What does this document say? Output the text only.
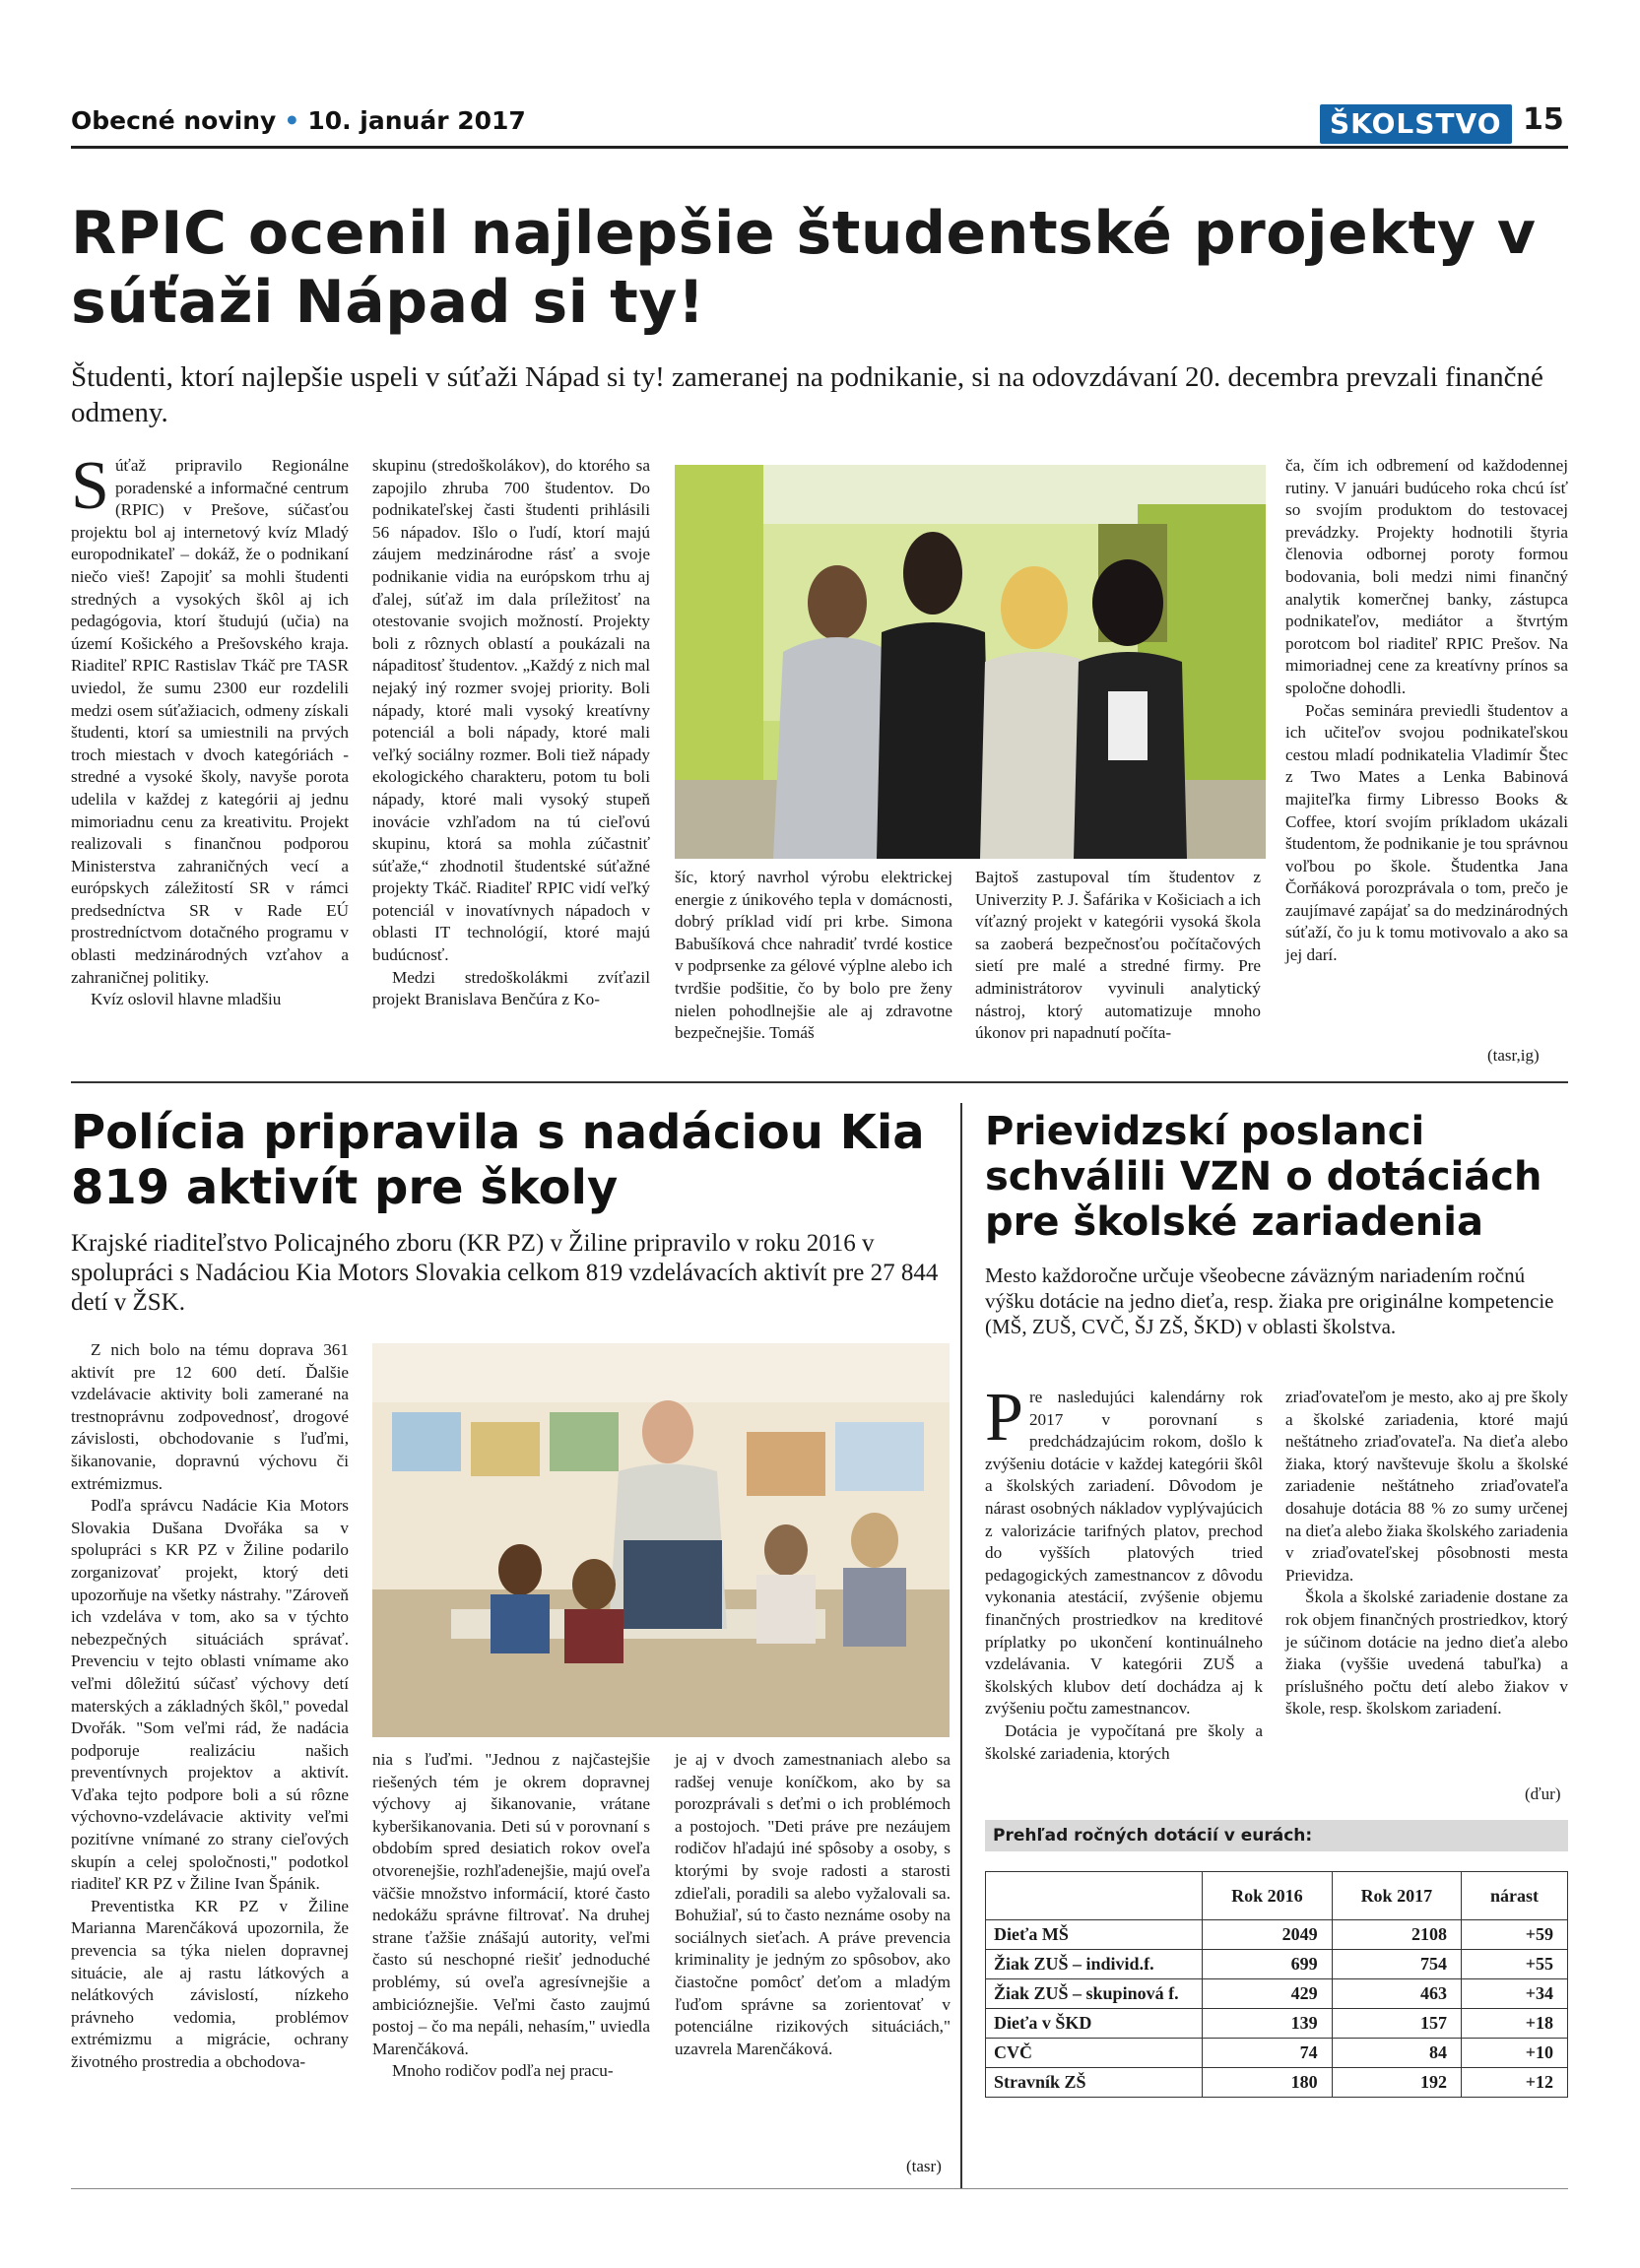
Obecné noviny • 10. január 2017	ŠKOLSTVO 15
RPIC ocenil najlepšie študentské projekty v súťaži Nápad si ty!
Študenti, ktorí najlepšie uspeli v súťaži Nápad si ty! zameranej na podnikanie, si na odovzdávaní 20. decembra prevzali finančné odmeny.

Súťaž pripravilo Regionálne poradenské a informačné centrum (RPIC) v Prešove, súčasťou projektu bol aj internetový kvíz Mladý europodnikateľ – dokáž, že o podnikaní niečo vieš! Zapojiť sa mohli študenti stredných a vysokých škôl aj ich pedagógovia, ktorí študujú (učia) na území Košického a Prešovského kraja. Riaditeľ RPIC Rastislav Tkáč pre TASR uviedol, že sumu 2300 eur rozdelili medzi osem súťažiacich, odmeny získali študenti, ktorí sa umiestnili na prvých troch miestach v dvoch kategóriách - stredné a vysoké školy, navyše porota udelila v každej z kategórii aj jednu mimoriadnu cenu za kreativitu. Projekt realizovali s finančnou podporou Ministerstva zahraničných vecí a európskych záležitostí SR v rámci predsedníctva SR v Rade EÚ prostredníctvom dotačného programu v oblasti medzinárodných vzťahov a zahraničnej politiky.

Kvíz oslovil hlavne mladšiu

skupinu (stredoškolákov), do ktorého sa zapojilo zhruba 700 študentov. Do podnikateľskej časti študenti prihlásili 56 nápadov. Išlo o ľudí, ktorí majú záujem medzinárodne rásť a svoje podnikanie vidia na európskom trhu aj ďalej, súťaž im dala príležitosť na otestovanie svojich možností. Projekty boli z rôznych oblastí a poukázali na nápaditosť študentov. „Každý z nich mal nejaký iný rozmer svojej priority. Boli nápady, ktoré mali vysoký kreatívny potenciál a boli nápady, ktoré mali veľký sociálny rozmer. Boli tiež nápady ekologického charakteru, potom tu boli nápady, ktoré mali vysoký stupeň inovácie vzhľadom na tú cieľovú skupinu, ktorá sa mohla zúčastniť súťaže,“ zhodnotil študentské súťažné projekty Tkáč. Riaditeľ RPIC vidí veľký potenciál v inovatívnych nápadoch v oblasti IT technológií, ktoré majú budúcnosť.

Medzi stredoškolákmi zvíťazil projekt Branislava Benčúra z Ko-

šíc, ktorý navrhol výrobu elektrickej energie z únikového tepla v domácnosti, dobrý príklad vidí pri krbe. Simona Babušíková chce nahradiť tvrdé kostice v podprsenke za gélové výplne alebo ich tvrdšie podšitie, čo by bolo pre ženy nielen pohodlnejšie ale aj zdravotne bezpečnejšie. Tomáš

Bajtoš zastupoval tím študentov z Univerzity P. J. Šafárika v Košiciach a ich víťazný projekt v kategórii vysoká škola sa zaoberá bezpečnosťou počítačových sietí pre malé a stredné firmy. Pre administrátorov vyvinuli analytický nástroj, ktorý automatizuje mnoho úkonov pri napadnutí počíta-

ča, čím ich odbremení od každodennej rutiny. V januári budúceho roka chcú ísť so svojím produktom do testovacej prevádzky. Projekty hodnotili štyria členovia odbornej poroty formou bodovania, boli medzi nimi finančný analytik komerčnej banky, zástupca podnikateľov, mediátor a štvrtým porotcom bol riaditeľ RPIC Prešov. Na mimoriadnej cene za kreatívny prínos sa spoločne dohodli.

Počas seminára previedli študentov a ich učiteľov svojou podnikateľskou cestou mladí podnikatelia Vladimír Štec z Two Mates a Lenka Babinová majiteľka firmy Libresso Books & Coffee, ktorí svojím príkladom ukázali študentom, že podnikanie je tou správnou voľbou po škole. Študentka Jana Čorňáková porozprávala o tom, prečo je zaujímavé zapájať sa do medzinárodných súťaží, čo ju k tomu motivovalo a ako sa jej darí.

(tasr,ig)
Polícia pripravila s nadáciou Kia 819 aktivít pre školy
Krajské riaditeľstvo Policajného zboru (KR PZ) v Žiline pripravilo v roku 2016 v spolupráci s Nadáciou Kia Motors Slovakia celkom 819 vzdelávacích aktivít pre 27 844 detí v ŽSK.

Z nich bolo na tému doprava 361 aktivít pre 12 600 detí. Ďalšie vzdelávacie aktivity boli zamerané na trestnoprávnu zodpovednosť, drogové závislosti, obchodovanie s ľuďmi, šikanovanie, dopravnú výchovu či extrémizmus.

Podľa správcu Nadácie Kia Motors Slovakia Dušana Dvořáka sa v spolupráci s KR PZ v Žiline podarilo zorganizovať projekt, ktorý deti upozorňuje na všetky nástrahy. "Zároveň ich vzdeláva v tom, ako sa v týchto nebezpečných situáciách správať. Prevenciu v tejto oblasti vnímame ako veľmi dôležitú súčasť výchovy detí materských a základných škôl," povedal Dvořák. "Som veľmi rád, že nadácia podporuje realizáciu našich preventívnych projektov a aktivít. Vďaka tejto podpore boli a sú rôzne výchovno-vzdelávacie aktivity veľmi pozitívne vnímané zo strany cieľových skupín a celej spoločnosti," podotkol riaditeľ KR PZ v Žiline Ivan Špánik.

Preventistka KR PZ v Žiline Marianna Marenčáková upozornila, že prevencia sa týka nielen dopravnej situácie, ale aj rastu látkových a nelátkových závislostí, nízkeho právneho vedomia, problémov extrémizmu a migrácie, ochrany životného prostredia a obchodova-

nia s ľuďmi. "Jednou z najčastejšie riešených tém je okrem dopravnej výchovy aj šikanovanie, vrátane kyberšikanovania. Deti sú v porovnaní s obdobím spred desiatich rokov oveľa otvorenejšie, rozhľadenejšie, majú oveľa väčšie množstvo informácií, ktoré často nedokážu správne filtrovať. Na druhej strane ťažšie znášajú autority, veľmi často sú neschopné riešiť jednoduché problémy, sú oveľa agresívnejšie a ambicióznejšie. Veľmi často zaujmú postoj – čo ma nepáli, nehasím," uviedla Marenčáková.

Mnoho rodičov podľa nej pracu-

je aj v dvoch zamestnaniach alebo sa radšej venuje koníčkom, ako by sa porozprávali s deťmi o ich problémoch a postojoch. "Deti práve pre nezáujem rodičov hľadajú iné spôsoby a osoby, s ktorými by svoje radosti a starosti zdieľali, poradili sa alebo vyžalovali sa. Bohužiaľ, sú to často neznáme osoby na sociálnych sieťach. A práve prevencia kriminality je jedným zo spôsobov, ako čiastočne pomôcť deťom a mladým ľuďom správne sa zorientovať v potenciálne rizikových situáciách," uzavrela Marenčáková.

(tasr)
Prievidzskí poslanci schválili VZN o dotáciách pre školské zariadenia
Mesto každoročne určuje všeobecne záväzným nariadením ročnú výšku dotácie na jedno dieťa, resp. žiaka pre originálne kompetencie (MŠ, ZUŠ, CVČ, ŠJ ZŠ, ŠKD) v oblasti školstva.

Pre nasledujúci kalendárny rok 2017 v porovnaní s predchádzajúcim rokom, došlo k zvýšeniu dotácie v každej kategórii škôl a školských zariadení. Dôvodom je nárast osobných nákladov vyplývajúcich z valorizácie tarifných platov, prechod do vyšších platových tried pedagogických zamestnancov z dôvodu vykonania atestácií, zvýšenie objemu finančných prostriedkov na kreditové príplatky po ukončení kontinuálneho vzdelávania. V kategórii ZUŠ a školských klubov detí dochádza aj k zvýšeniu počtu zamestnancov.

Dotácia je vypočítaná pre školy a školské zariadenia, ktorých

zriaďovateľom je mesto, ako aj pre školy a školské zariadenia, ktoré majú neštátneho zriaďovateľa. Na dieťa alebo žiaka, ktorý navštevuje školu a školské zariadenie neštátneho zriaďovateľa dosahuje dotácia 88 % zo sumy určenej na dieťa alebo žiaka školského zariadenia v zriaďovateľskej pôsobnosti mesta Prievidza.

Škola a školské zariadenie dostane za rok objem finančných prostriedkov, ktorý je súčinom dotácie na jedno dieťa alebo žiaka (vyššie uvedená tabuľka) a príslušného počtu detí alebo žiakov v škole, resp. školskom zariadení.

(ďur)
Prehľad ročných dotácií v eurách:
	Rok 2016	Rok 2017	nárast
Dieťa MŠ	2049	2108	+59
Žiak ZUŠ – individ.f.	699	754	+55
Žiak ZUŠ – skupinová f.	429	463	+34
Dieťa v ŠKD	139	157	+18
CVČ	74	84	+10
Stravník ZŠ	180	192	+12
